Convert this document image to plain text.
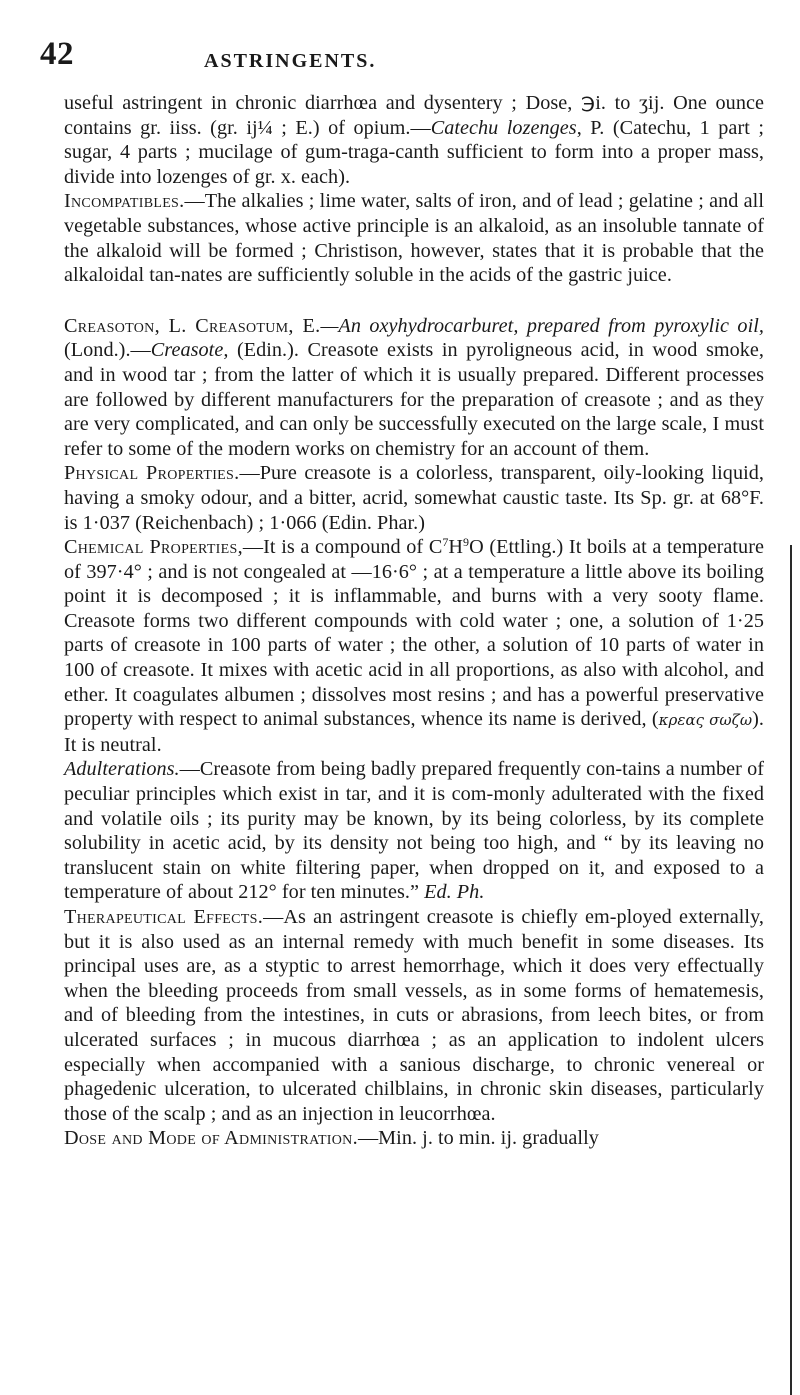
42	ASTRINGENTS.

useful astringent in chronic diarrhœa and dysentery ; Dose, ℈i. to ʒij. One ounce contains gr. iiss. (gr. ij¼ ; E.) of opium.—Catechu lozenges, P. (Catechu, 1 part ; sugar, 4 parts ; mucilage of gum-traga-canth sufficient to form into a proper mass, divide into lozenges of gr. x. each).

Incompatibles.—The alkalies ; lime water, salts of iron, and of lead ; gelatine ; and all vegetable substances, whose active principle is an alkaloid, as an insoluble tannate of the alkaloid will be formed ; Christison, however, states that it is probable that the alkaloidal tan-nates are sufficiently soluble in the acids of the gastric juice.

Creasoton, L. Creasotum, E.—An oxyhydrocarburet, prepared from pyroxylic oil, (Lond.).—Creasote, (Edin.). Creasote exists in pyroligneous acid, in wood smoke, and in wood tar ; from the latter of which it is usually prepared. Different processes are followed by different manufacturers for the preparation of creasote ; and as they are very complicated, and can only be successfully executed on the large scale, I must refer to some of the modern works on chemistry for an account of them.

Physical Properties.—Pure creasote is a colorless, transparent, oily-looking liquid, having a smoky odour, and a bitter, acrid, somewhat caustic taste. Its Sp. gr. at 68°F. is 1·037 (Reichenbach) ; 1·066 (Edin. Phar.)

Chemical Properties,—It is a compound of $C^7H^9O$ (Ettling.) It boils at a temperature of 397·4° ; and is not congealed at —16·6° ; at a temperature a little above its boiling point it is decomposed ; it is inflammable, and burns with a very sooty flame. Creasote forms two different compounds with cold water ; one, a solution of 1·25 parts of creasote in 100 parts of water ; the other, a solution of 10 parts of water in 100 of creasote. It mixes with acetic acid in all proportions, as also with alcohol, and ether. It coagulates albumen ; dissolves most resins ; and has a powerful preservative property with respect to animal substances, whence its name is derived, (κρεας σωζω). It is neutral.

Adulterations.—Creasote from being badly prepared frequently con-tains a number of peculiar principles which exist in tar, and it is com-monly adulterated with the fixed and volatile oils ; its purity may be known, by its being colorless, by its complete solubility in acetic acid, by its density not being too high, and “ by its leaving no translucent stain on white filtering paper, when dropped on it, and exposed to a temperature of about 212° for ten minutes.” Ed. Ph.

Therapeutical Effects.—As an astringent creasote is chiefly em-ployed externally, but it is also used as an internal remedy with much benefit in some diseases. Its principal uses are, as a styptic to arrest hemorrhage, which it does very effectually when the bleeding proceeds from small vessels, as in some forms of hematemesis, and of bleeding from the intestines, in cuts or abrasions, from leech bites, or from ulcerated surfaces ; in mucous diarrhœa ; as an application to indolent ulcers especially when accompanied with a sanious discharge, to chronic venereal or phagedenic ulceration, to ulcerated chilblains, in chronic skin diseases, particularly those of the scalp ; and as an injection in leucorrhœa.

Dose and Mode of Administration.—Min. j. to min. ij. gradually
